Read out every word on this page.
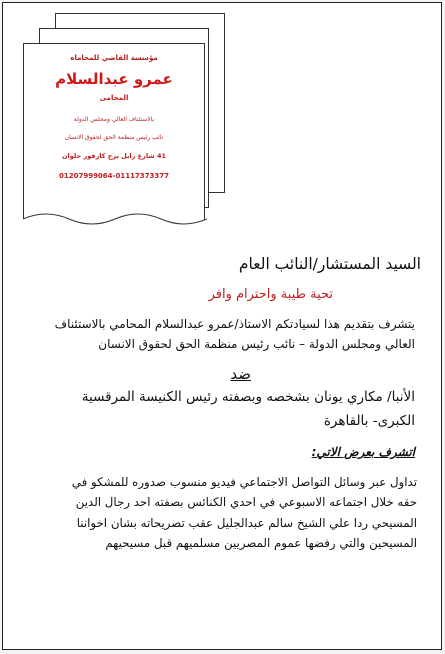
مؤسسة القاضي للمحاماه
عمرو عبدالسلام
المحامى
بالاستئناف العالي ومجلس الدولة
نائب رئيس منظمة الحق لحقوق الانسان
41 شارع رابل برج كارفور حلوان
01207999064-01117373377
السيد المستشار/النائب العام
تحية طيبة واحترام وافر
يتشرف بتقديم هذا لسيادتكم الاستاذ/عمرو عبدالسلام المحامي بالاستئناف
العالي ومجلس الدولة – نائب رئيس منظمة الحق لحقوق الانسان
ضد
الأنبا/ مكاري يونان بشخصه وبصفته رئيس الكنيسة المرقسية
الكبرى- بالقاهرة
اتشرف بعرض الاتي:
تداول عبر وسائل التواصل الاجتماعي فيديو منسوب صدوره للمشكو في
حقه خلال اجتماعه الاسبوعي في احدي الكنائس بصفته احد رجال الدين
المسيحي ردا علي الشيخ سالم عبدالجليل عقب تصريحاته بشان اخواننا
المسيحين والتي رفضها عموم المصريين مسلميهم قبل مسيحيهم
